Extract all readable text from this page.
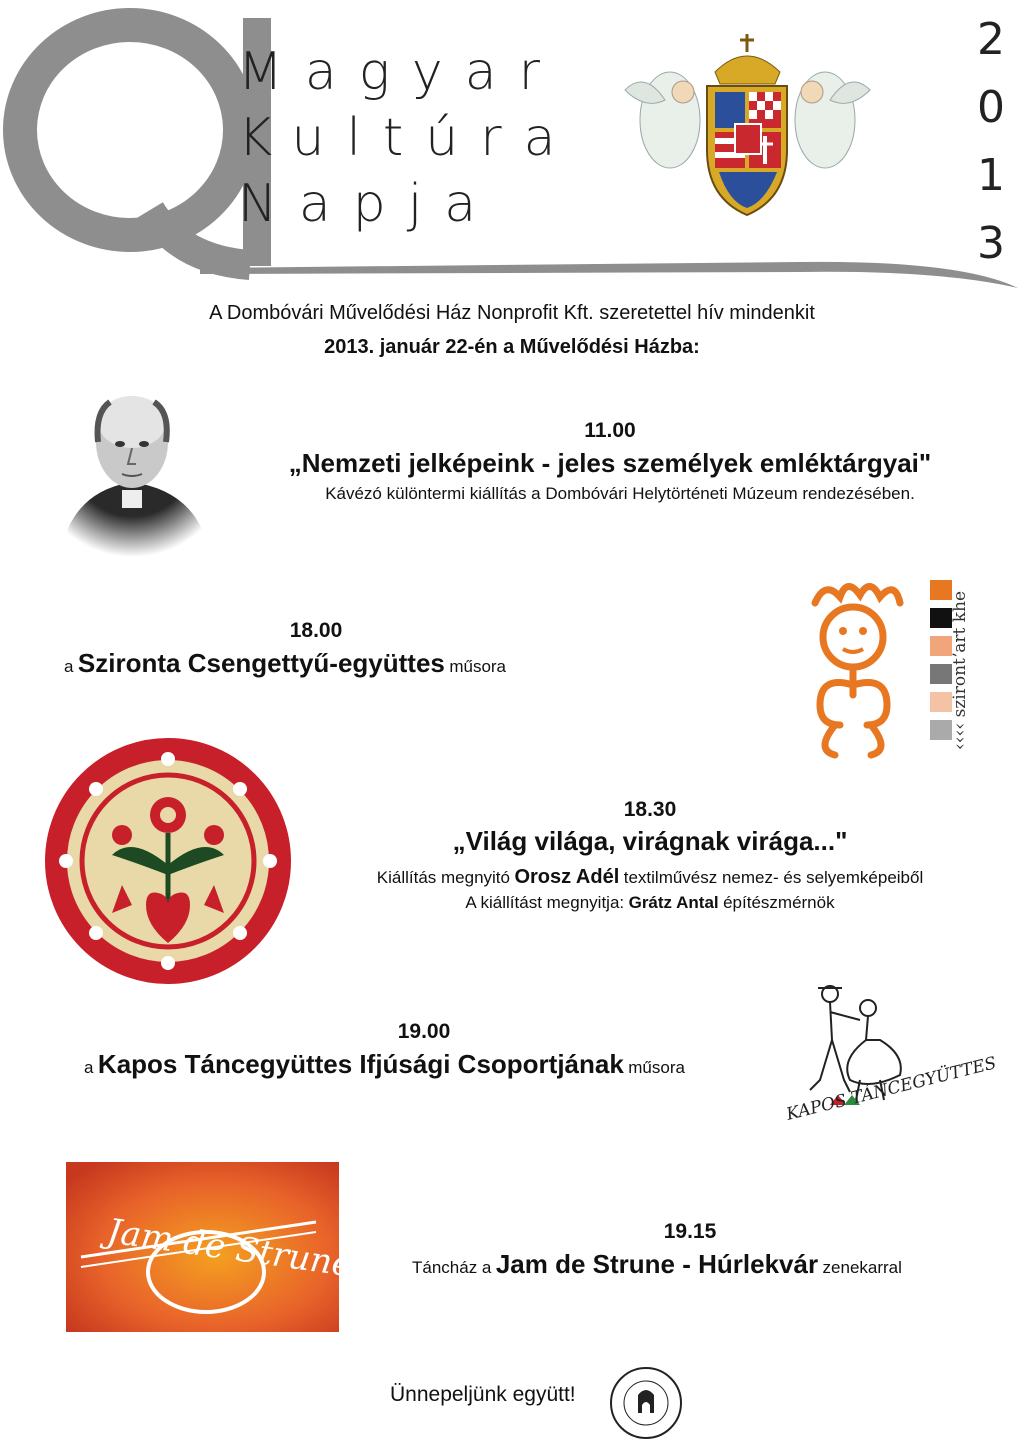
Magyar
Kultúra
Napja
2
0
1
3
A Dombóvári Művelődési Ház Nonprofit Kft. szeretettel hív mindenkit
2013. január 22-én a Művelődési Házba:
11.00
„Nemzeti jelképeink - jeles személyek emléktárgyai"
Kávézó különtermi kiállítás a Dombóvári Helytörténeti Múzeum rendezésében.
18.00
a Szironta Csengettyű-együttes műsora	‹‹‹‹ szirontʼart khe
18.30
„Világ világa, virágnak virága..."
Kiállítás megnyitó Orosz Adél textilművész nemez- és selyemképeiből
A kiállítást megnyitja: Grátz Antal építészmérnök
19.00
a Kapos Táncegyüttes Ifjúsági Csoportjának műsora	KAPOS TÁNCEGYÜTTES
Jam de Strune	19.15
Táncház a Jam de Strune - Húrlekvár zenekarral
Ünnepeljünk együtt!
